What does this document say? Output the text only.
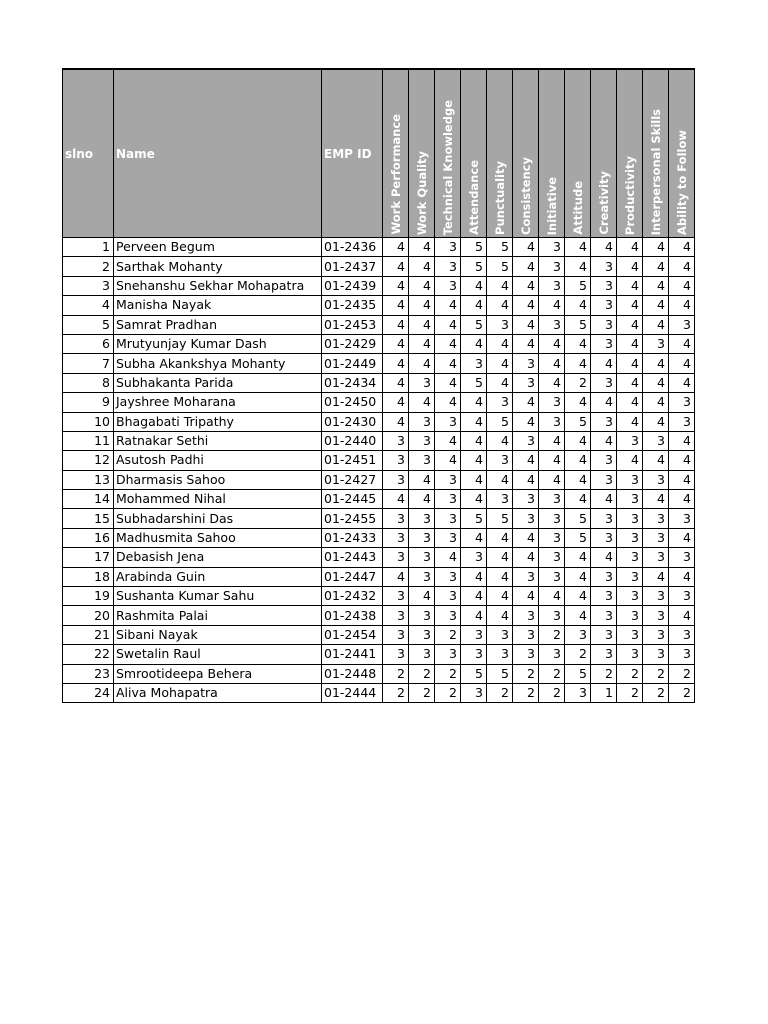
slno	Name	EMP ID	Work Performance	Work Quality	Technical Knowledge	Attendance	Punctuality	Consistency	Initiative	Attitude	Creativity	Productivity	Interpersonal Skills	Ability to Follow

1	Perveen Begum	01-2436	4	4	3	5	5	4	3	4	4	4	4	4
2	Sarthak Mohanty	01-2437	4	4	3	5	5	4	3	4	3	4	4	4
3	Snehanshu Sekhar Mohapatra	01-2439	4	4	3	4	4	4	3	5	3	4	4	4
4	Manisha Nayak	01-2435	4	4	4	4	4	4	4	4	3	4	4	4
5	Samrat Pradhan	01-2453	4	4	4	5	3	4	3	5	3	4	4	3
6	Mrutyunjay Kumar Dash	01-2429	4	4	4	4	4	4	4	4	3	4	3	4
7	Subha Akankshya Mohanty	01-2449	4	4	4	3	4	3	4	4	4	4	4	4
8	Subhakanta Parida	01-2434	4	3	4	5	4	3	4	2	3	4	4	4
9	Jayshree Moharana	01-2450	4	4	4	4	3	4	3	4	4	4	4	3
10	Bhagabati Tripathy	01-2430	4	3	3	4	5	4	3	5	3	4	4	3
11	Ratnakar Sethi	01-2440	3	3	4	4	4	3	4	4	4	3	3	4
12	Asutosh Padhi	01-2451	3	3	4	4	3	4	4	4	3	4	4	4
13	Dharmasis Sahoo	01-2427	3	4	3	4	4	4	4	4	3	3	3	4
14	Mohammed Nihal	01-2445	4	4	3	4	3	3	3	4	4	3	4	4
15	Subhadarshini Das	01-2455	3	3	3	5	5	3	3	5	3	3	3	3
16	Madhusmita Sahoo	01-2433	3	3	3	4	4	4	3	5	3	3	3	4
17	Debasish Jena	01-2443	3	3	4	3	4	4	3	4	4	3	3	3
18	Arabinda Guin	01-2447	4	3	3	4	4	3	3	4	3	3	4	4
19	Sushanta Kumar Sahu	01-2432	3	4	3	4	4	4	4	4	3	3	3	3
20	Rashmita Palai	01-2438	3	3	3	4	4	3	3	4	3	3	3	4
21	Sibani Nayak	01-2454	3	3	2	3	3	3	2	3	3	3	3	3
22	Swetalin Raul	01-2441	3	3	3	3	3	3	3	2	3	3	3	3
23	Smrootideepa Behera	01-2448	2	2	2	5	5	2	2	5	2	2	2	2
24	Aliva Mohapatra	01-2444	2	2	2	3	2	2	2	3	1	2	2	2
